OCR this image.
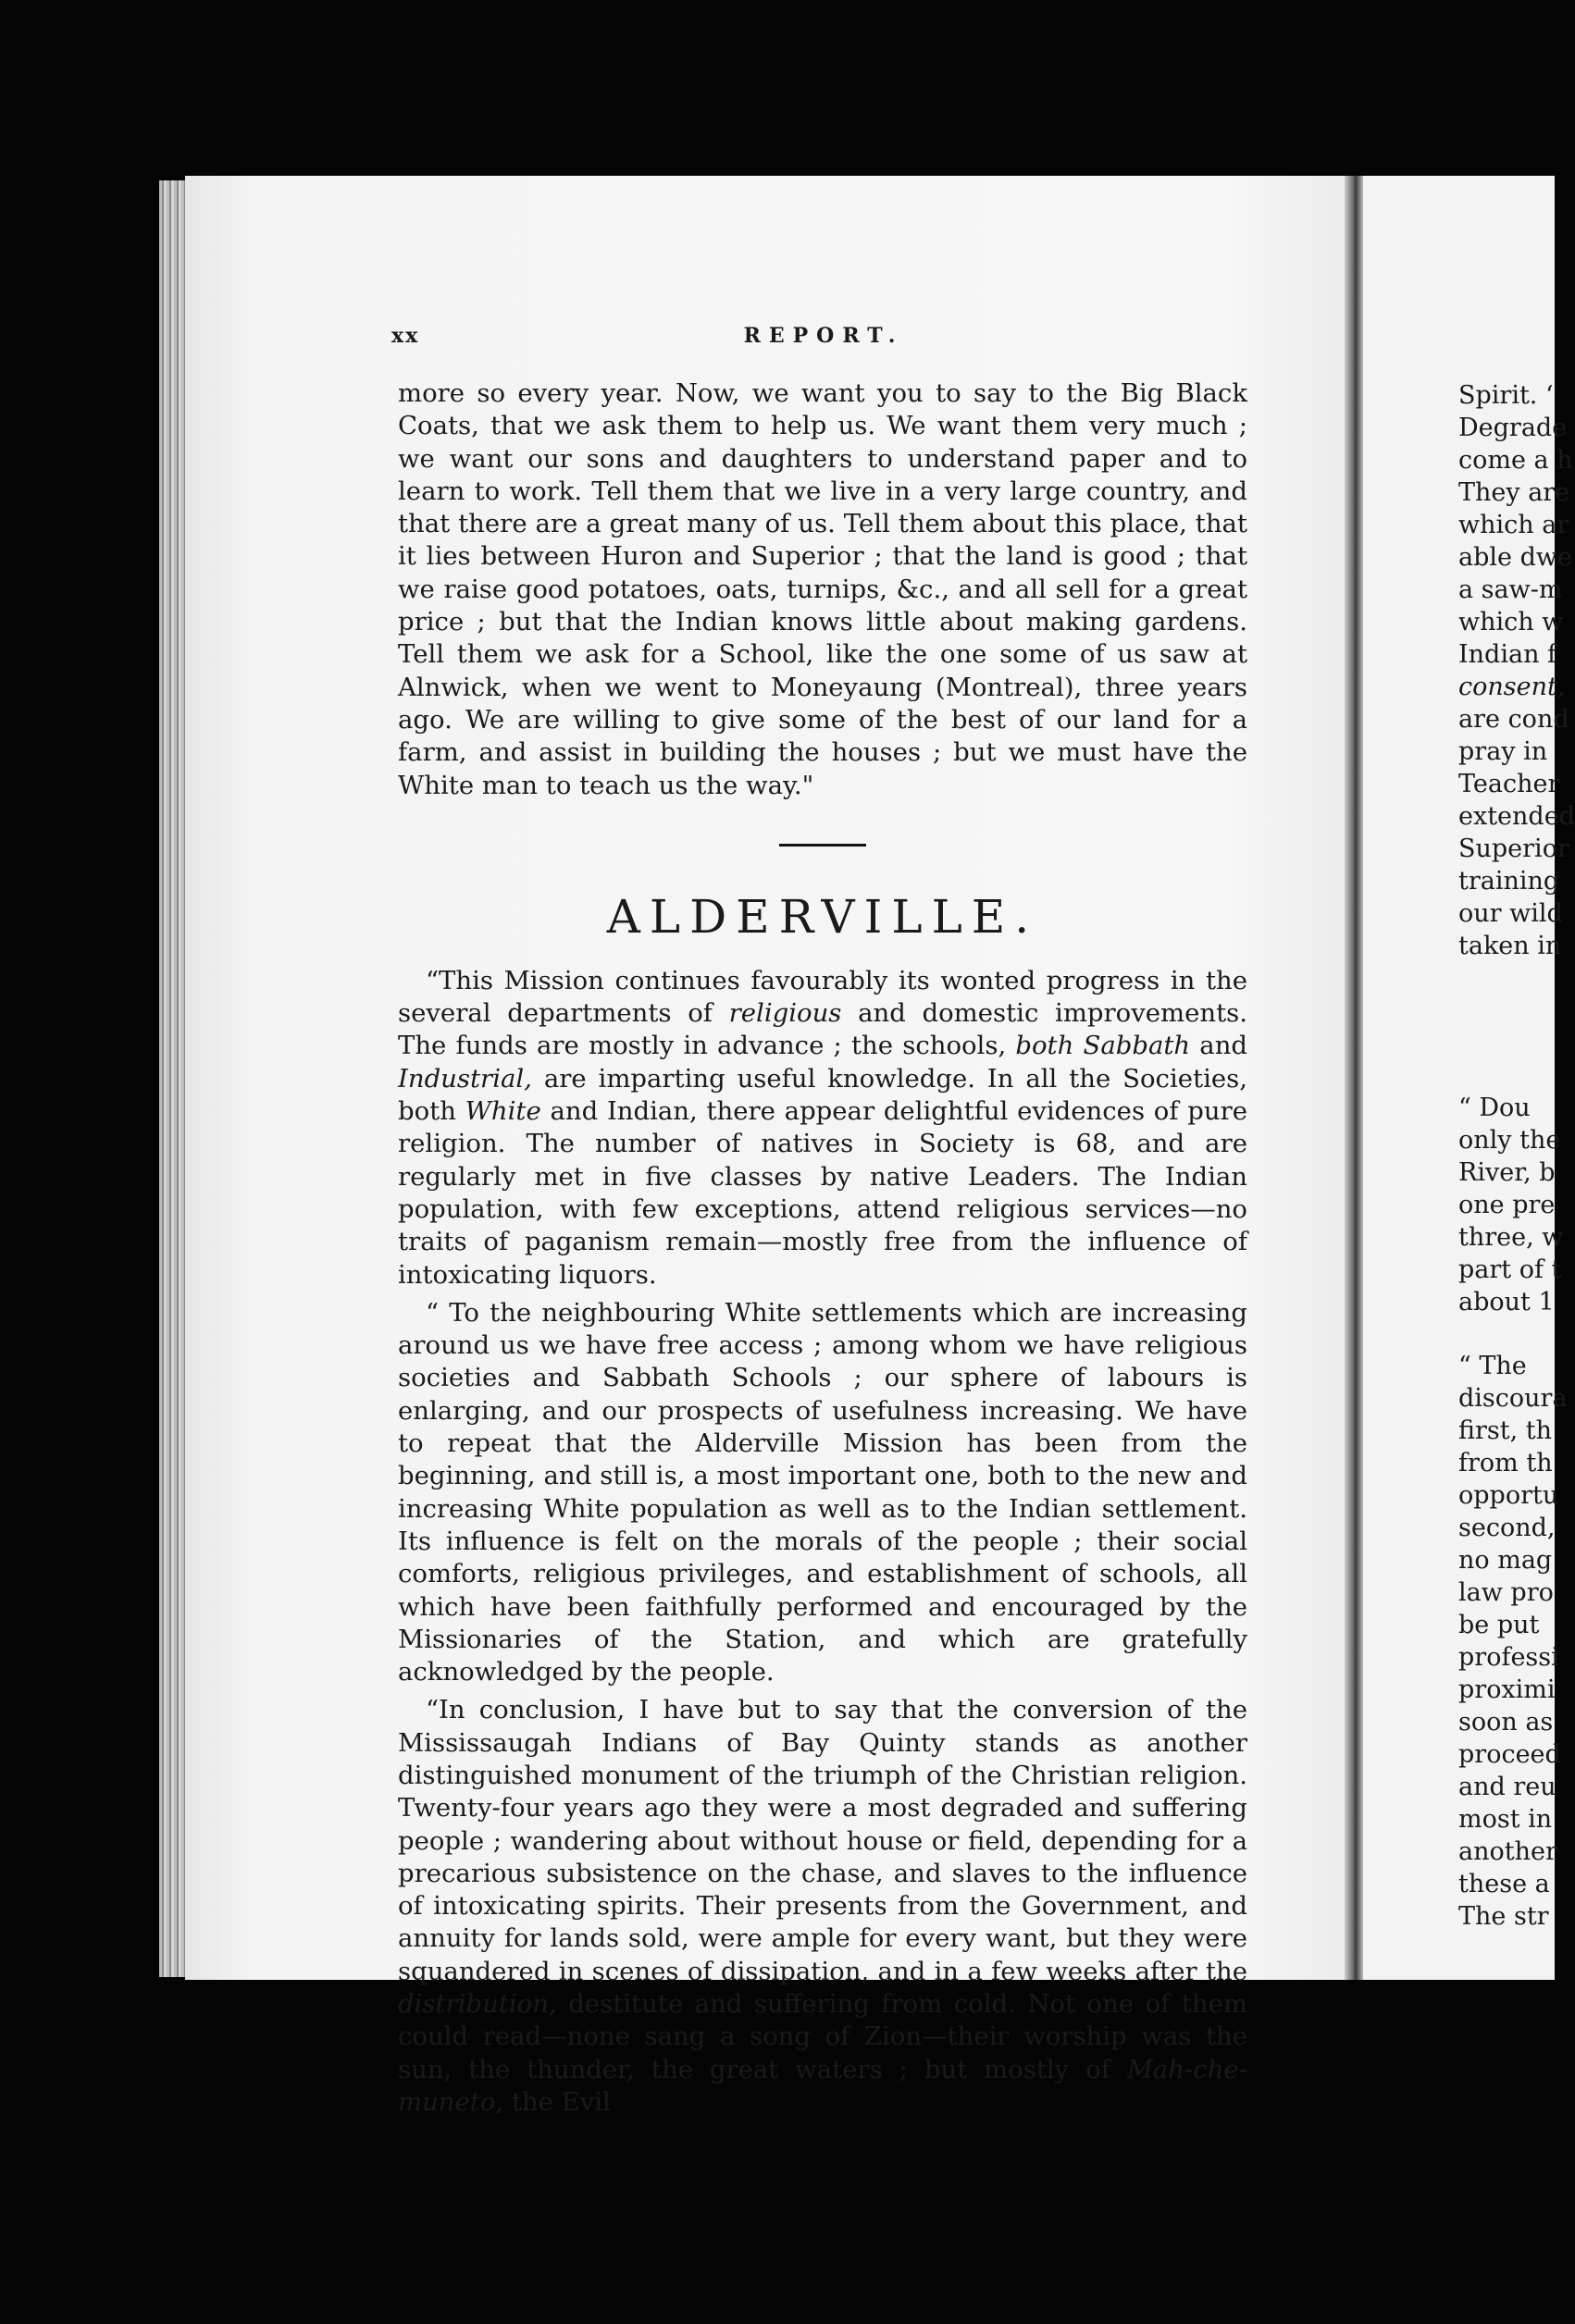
xx	REPORT.

more so every year. Now, we want you to say to the Big Black Coats, that we ask them to help us. We want them very much ; we want our sons and daughters to understand paper and to learn to work. Tell them that we live in a very large country, and that there are a great many of us. Tell them about this place, that it lies between Huron and Superior ; that the land is good ; that we raise good potatoes, oats, turnips, &c., and all sell for a great price ; but that the Indian knows little about making gardens. Tell them we ask for a School, like the one some of us saw at Alnwick, when we went to Moneyaung (Montreal), three years ago. We are willing to give some of the best of our land for a farm, and assist in building the houses ; but we must have the White man to teach us the way."

ALDERVILLE.

“This Mission continues favourably its wonted progress in the several departments of religious and domestic improvements. The funds are mostly in advance ; the schools, both Sabbath and Industrial, are imparting useful knowledge. In all the Societies, both White and Indian, there appear delightful evidences of pure religion. The number of natives in Society is 68, and are regularly met in five classes by native Leaders. The Indian population, with few exceptions, attend religious services—no traits of paganism remain—mostly free from the influence of intoxicating liquors.

“ To the neighbouring White settlements which are increasing around us we have free access ; among whom we have religious societies and Sabbath Schools ; our sphere of labours is enlarging, and our prospects of usefulness increasing. We have to repeat that the Alderville Mission has been from the beginning, and still is, a most important one, both to the new and increasing White population as well as to the Indian settlement. Its influence is felt on the morals of the people ; their social comforts, religious privileges, and establishment of schools, all which have been faithfully performed and encouraged by the Missionaries of the Station, and which are gratefully acknowledged by the people.

“In conclusion, I have but to say that the conversion of the Mississaugah Indians of Bay Quinty stands as another distinguished monument of the triumph of the Christian religion. Twenty-four years ago they were a most degraded and suffering people ; wandering about without house or field, depending for a precarious subsistence on the chase, and slaves to the influence of intoxicating spirits. Their presents from the Government, and annuity for lands sold, were ample for every want, but they were squandered in scenes of dissipation, and in a few weeks after the distribution, destitute and suffering from cold. Not one of them could read—none sang a song of Zion—their worship was the sun, the thunder, the great waters ; but mostly of Mah-che-muneto, the Evil

Spirit. ‘
Degrade
come a h
They are
which ar
able dwe
a saw-m
which w
Indian f
consent,
are cond
pray in
Teacher
extended
Superior
training
our wild
taken in
“ Dou
only the
River, b
one pre
three, w
part of t
about 1
“ The
discoura
first, th
from th
opportu
second,
no mag
law pro
be put
professi
proximi
soon as
proceed
and reu
most in
another
these a
The str
